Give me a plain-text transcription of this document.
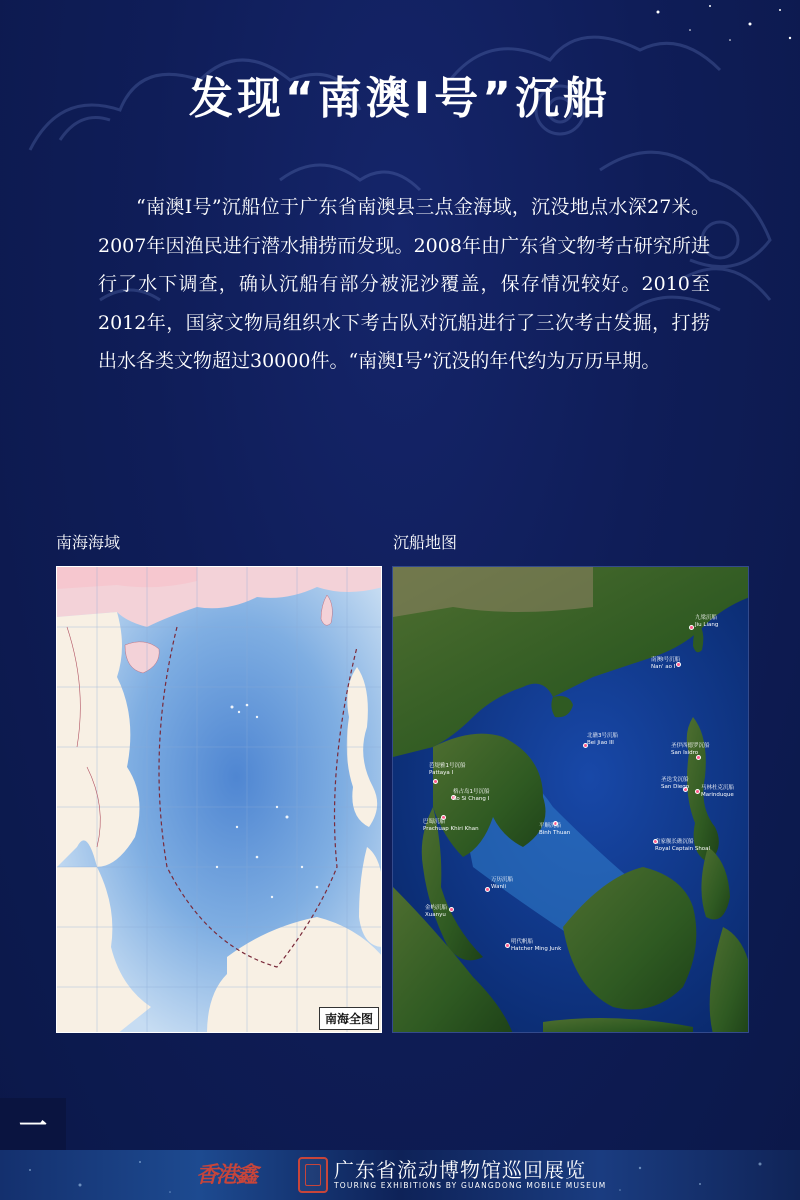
发现“南澳Ⅰ号”沉船

“南澳Ⅰ号”沉船位于广东省南澳县三点金海域，沉没地点水深27米。2007年因渔民进行潜水捕捞而发现。2008年由广东省文物考古研究所进行了水下调查，确认沉船有部分被泥沙覆盖，保存情况较好。2010至2012年，国家文物局组织水下考古队对沉船进行了三次考古发掘，打捞出水各类文物超过30000件。“南澳Ⅰ号”沉没的年代约为万历早期。

南海海域	沉船地图
南海全图
九梁沉船
Jiu Liang
南澳Ⅰ号沉船
Nan' ao I
北礁3号沉船
Bei Jiao III	圣伊西德罗沉船
San Isidro
圣迭戈沉船
San Diego 马林杜克沉船
Marinduque
芭堤雅1号沉船
Pattaya I
格占岛1号沉船
Ko Si Chang I
巴蜀沉船
Prachuap Khiri Khan	平顺沉船
Binh Thuan
皇家舰长礁沉船
Royal Captain Shoal
万历沉船
Wanli
金屿沉船
Xuanyu
明代帆船
Hatcher Ming Junk
一
香港鑫	广东省流动博物馆巡回展览
TOURING EXHIBITIONS BY GUANGDONG MOBILE MUSEUM
